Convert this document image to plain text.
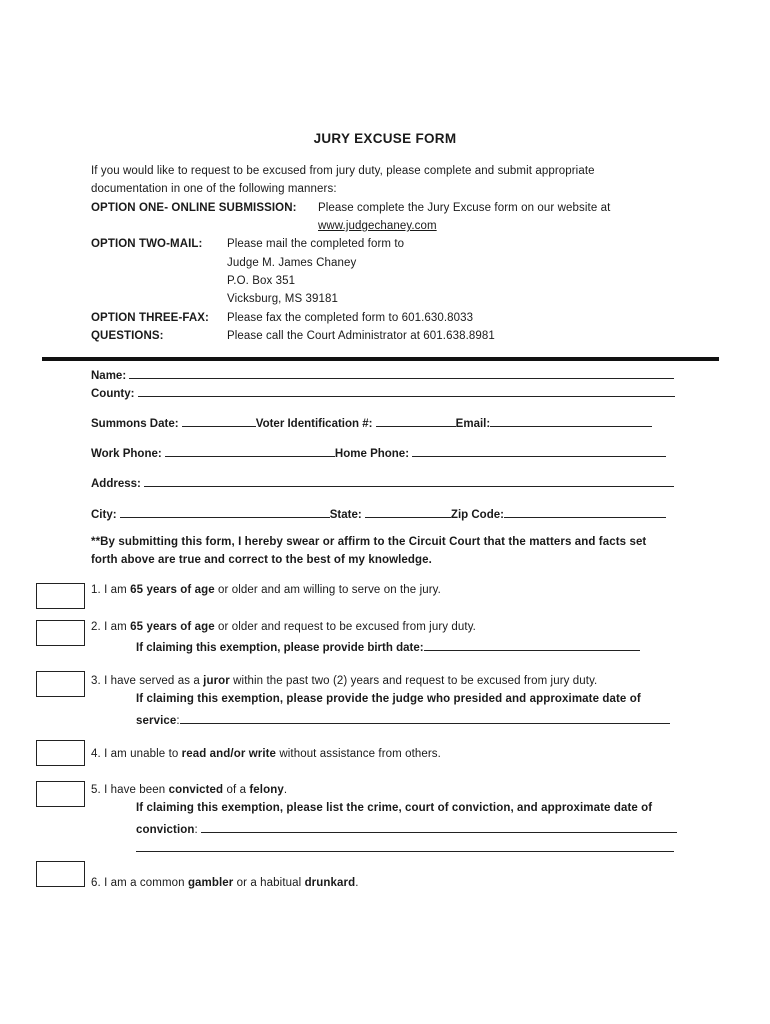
JURY EXCUSE FORM
If you would like to request to be excused from jury duty, please complete and submit appropriate
documentation in one of the following manners:
OPTION ONE- ONLINE SUBMISSION: Please complete the Jury Excuse form on our website at
www.judgechaney.com
OPTION TWO-MAIL: Please mail the completed form to
Judge M. James Chaney
P.O. Box 351
Vicksburg, MS 39181
OPTION THREE-FAX: Please fax the completed form to 601.630.8033
QUESTIONS:	Please call the Court Administrator at 601.638.8981
Name:
County:
Summons Date:	Voter Identification #:	Email:
Work Phone:	Home Phone:
Address:
City:	State:	Zip Code:
**By submitting this form, I hereby swear or affirm to the Circuit Court that the matters and facts set
forth above are true and correct to the best of my knowledge.
1. I am 65 years of age or older and am willing to serve on the jury.
2. I am 65 years of age or older and request to be excused from jury duty.
If claiming this exemption, please provide birth date:
3. I have served as a juror within the past two (2) years and request to be excused from jury duty.
If claiming this exemption, please provide the judge who presided and approximate date of
service:
4. I am unable to read and/or write without assistance from others.
5. I have been convicted of a felony.
If claiming this exemption, please list the crime, court of conviction, and approximate date of
conviction:
6. I am a common gambler or a habitual drunkard.
